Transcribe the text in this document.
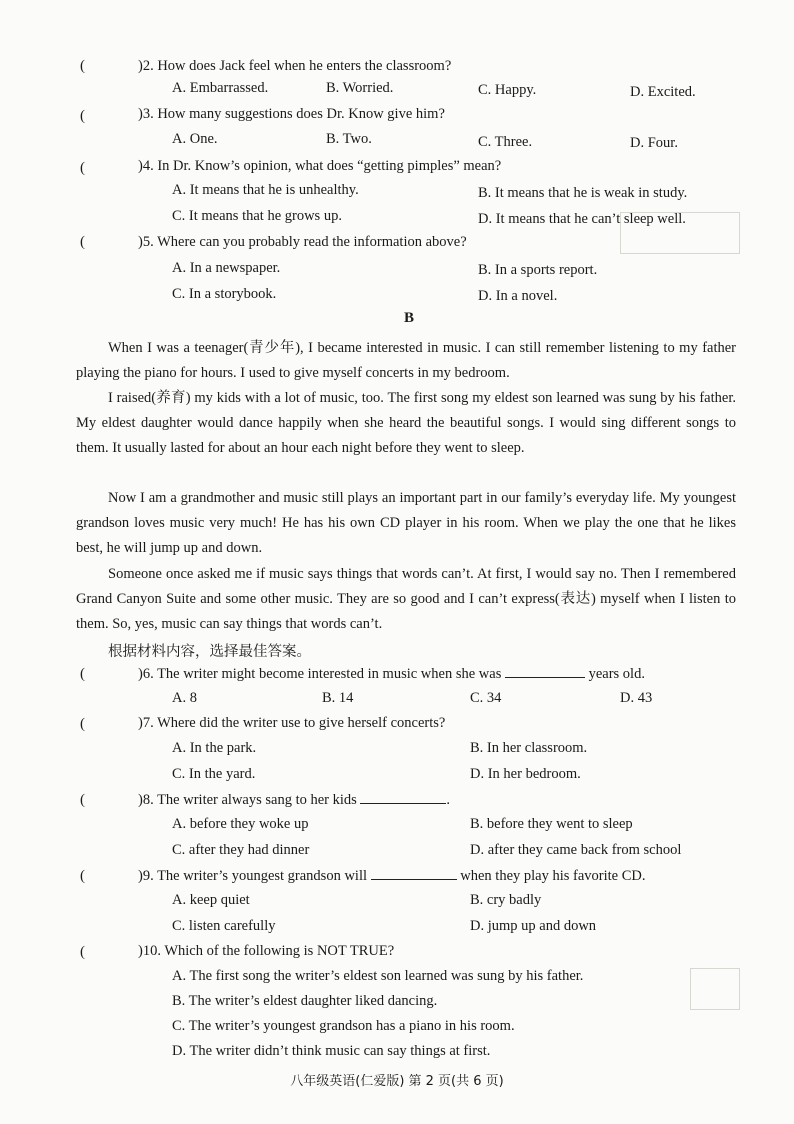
(	)2. How does Jack feel when he enters the classroom?
A. Embarrassed.	B. Worried.	C. Happy.	D. Excited.
(	)3. How many suggestions does Dr. Know give him?
A. One.	B. Two.	C. Three.	D. Four.
(	)4. In Dr. Know’s opinion, what does “getting pimples” mean?
A. It means that he is unhealthy.	B. It means that he is weak in study.
C. It means that he grows up.	D. It means that he can’t sleep well.
(	)5. Where can you probably read the information above?
A. In a newspaper.	B. In a sports report.
C. In a storybook.	D. In a novel.
B
When I was a teenager(青少年), I became interested in music. I can still remember listening to my father playing the piano for hours. I used to give myself concerts in my bedroom.
I raised(养育) my kids with a lot of music, too. The first song my eldest son learned was sung by his father. My eldest daughter would dance happily when she heard the beautiful songs. I would sing different songs to them. It usually lasted for about an hour each night before they went to sleep.
Now I am a grandmother and music still plays an important part in our family’s everyday life. My youngest grandson loves music very much! He has his own CD player in his room. When we play the one that he likes best, he will jump up and down.
Someone once asked me if music says things that words can’t. At first, I would say no. Then I remembered Grand Canyon Suite and some other music. They are so good and I can’t express(表达) myself when I listen to them. So, yes, music can say things that words can’t.
根据材料内容，选择最佳答案。
(	)6. The writer might become interested in music when she was	years old.
A. 8	B. 14	C. 34	D. 43
(	)7. Where did the writer use to give herself concerts?
A. In the park.	B. In her classroom.
C. In the yard.	D. In her bedroom.
(	)8. The writer always sang to her kids	.
A. before they woke up	B. before they went to sleep
C. after they had dinner	D. after they came back from school
(	)9. The writer’s youngest grandson will	when they play his favorite CD.
A. keep quiet	B. cry badly
C. listen carefully	D. jump up and down
(	)10. Which of the following is NOT TRUE?
A. The first song the writer’s eldest son learned was sung by his father.
B. The writer’s eldest daughter liked dancing.
C. The writer’s youngest grandson has a piano in his room.
D. The writer didn’t think music can say things at first.
八年级英语(仁爱版) 第 2 页(共 6 页)
